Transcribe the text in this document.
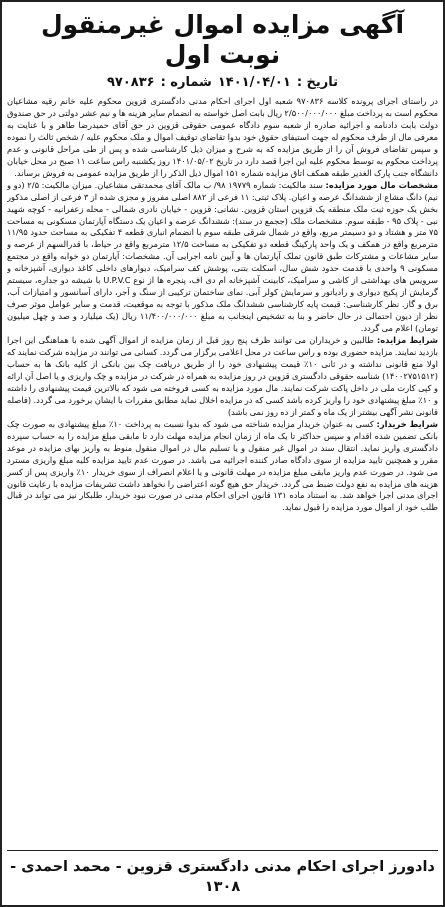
آگهی مزایده اموال غیرمنقول نوبت اول
تاریخ :
۱۴۰۱/۰۴/۰۱
شماره :
۹۷۰۸۳۶

در راستای اجرای پرونده کلاسه ۹۷۰۸۳۶ شعبه اول اجرای احکام مدنی دادگستری قزوین محکوم علیه خانم رقیه مشاعیان محکوم است به پرداخت مبلغ ۲/۵۰۰/۰۰۰/۰۰۰ ریال بابت اصل خواسته به انضمام سایر هزینه ها و نیم عشر دولتی در حق صندوق دولت بابت دادنامه و اجرائیه صادره از شعبه سوم دادگاه عمومی حقوقی قزوین در حق آقای حمیدرضا طاهر و با عنایت به معرفی مال از طرف محکوم له جهت استیفای حقوق خود بدوا تقاضای توقیف اموال و ملک محکوم علیه / شخص ثالث را نموده و سپس تقاضای فروش آن را از طریق مزایده که به شرح و میزان ذیل کارشناسی شده و پس از طی مراحل قانونی و عدم پرداخت محکوم به توسط محکوم علیه این اجرا قصد دارد در تاریخ ۱۴۰۱/۰۵/۰۲ روز یکشنبه راس ساعت ۱۱ صبح در محل خیابان دانشگاه جنب پارک الغدیر طبقه همکف اتاق مزایده شماره ۱۵۱ اموال ذیل الذکر را از طریق مزایده عمومی به فروش برساند.

مشخصات مال مورد مزایده: سند مالکیت: شماره ۱۹۷۷۹ ۹۸/ ب مالک آقای محمدتقی مشاعیان. میزان مالکیت: ۲/۵ (دو و نیم) دانگ مشاع از ششدانگ عرصه و اعیان. پلاک ثبتی: ۱۱ فرعی از ۸۸۲ اصلی مفروز و مجزی شده از ۳ فرعی از اصلی مذکور بخش یک حوزه ثبت ملک منطقه یک قزوین استان قزوین. نشانی: قزوین - خیابان نادری شمالی - محله زعفرانیه - کوچه شهید نبی - پلاک ۹۵ - طبقه سوم. مشخصات ملک (ججمع در سند): ششدانگ عرصه و اعیان یک دستگاه آپارتمان مسکونی به مساحت ۷۵ متر و هشتاد و دو دسیمتر مربع، واقع در شمال شرقی طبقه سوم با انضمام انباری قطعه ۴ تفکیکی به مساحت حدود ۱۱/۹۵ مترمربع واقع در همکف و یک واحد پارکینگ قطعه دو تفکیکی به مساحت ۱۲/۵ مترمربع واقع در حیاط، با قدرالسهم از عرصه و سایر مشاعات و مشترکات طبق قانون تملک آپارتمان ها و آیین نامه اجرایی آن. مشخصات: آپارتمان دو خوابه واقع در مجتمع مسکونی ۹ واحدی با قدمت حدود شش سال، اسکلت بتنی، پوشش کف سرامیک، دیوارهای داخلی کاغذ دیواری، آشپزخانه و سرویس های بهداشتی از کاشی و سرامیک، کابینت آشپزخانه ام دی اف، پنجره ها از نوع U.P.V.C با شیشه دو جداره، سیستم گرمایش از پکیج دیواری و رادیاتور و سرمایش کولر آبی. نمای ساختمان ترکیبی از سنگ و آجر، دارای آسانسور و امتیازات آب، برق و گاز. نظر کارشناسی: قیمت پایه کارشناسی ششدانگ ملک مذکور با توجه به موقعیت، قدمت و سایر عوامل موثر صرف نظر از دیون احتمالی در حال حاضر و بنا به تشخیص اینجانب به مبلغ ۱۱/۴۰۰/۰۰۰/۰۰۰ ریال (یک میلیارد و صد و چهل میلیون تومان) اعلام می گردد.

شرایط مزایده: طالبین و خریداران می توانند ظرف پنج روز قبل از زمان مزایده از اموال آگهی شده با هماهنگی این اجرا بازدید نمایند. مزایده حضوری بوده و راس ساعت در محل اعلامی برگزار می گردد. کسانی می توانند در مزایده شرکت نمایند که اولا منع قانونی نداشته و در ثانی ۱۰٪ قیمت پیشنهادی خود را از طریق دریافت چک بین بانکی از کلیه بانک ها به حساب (۱۴۰۰۲۷۵۱۵۱۲) شناسه حقوقی دادگستری قزوین در روز مزایده به همراه در شرکت در مزایده و چک واریزی و یا اصل آن ارائه و کپی کارت ملی در داخل پاکت شرکت نمایند. مال مورد مزایده به کسی فروخته می شود که بالاترین قیمت پیشنهادی را داشته و ۱۰٪ مبلغ پیشنهادی خود را واریز کرده باشد کسی که در مزایده اخلال نماید مطابق مقررات با ایشان برخورد می گردد. (فاصله قانونی نشر آگهی بیشتر از یک ماه و کمتر از ده روز نمی باشد)

شرایط خریدار: کسی به عنوان خریدار مزایده شناخته می شود که بدوا نسبت به پرداخت ۱۰٪ مبلغ پیشنهادی به صورت چک بانکی تضمین شده اقدام و سپس حداکثر تا یک ماه از زمان انجام مزایده مهلت دارد تا مابقی مبلغ مزایده را به حساب سپرده دادگستری واریز نماید. انتقال سند در اموال غیر منقول و یا تسلیم مال در اموال منقول منوط به واریز بهای مزایده در موعد مقرر و همچنین تایید مزایده از سوی دادگاه صادر کننده اجرائیه می باشد. در صورت عدم تایید مزایده کلیه مبلغ واریزی مسترد می شود. در صورت عدم واریز مابقی مبلغ مزایده در مهلت قانونی و یا اعلام انصراف از سوی خریدار ۱۰٪ واریزی پس از کسر هزینه های مزایده به نفع دولت ضبط می گردد. خریدار حق هیچ گونه اعتراضی را نخواهد داشت تشریفات مزایده با رعایت قانون اجرای مدنی اجرا خواهد شد. به استناد ماده ۱۳۱ قانون اجرای احکام مدنی در صورت نبود خریدار، طلبکار نیز می تواند در قبال طلب خود از اموال مورد مزایده را قبول نماید.

دادورز اجرای احکام مدنی دادگستری قزوین - محمد احمدی - ۱۳۰۸
